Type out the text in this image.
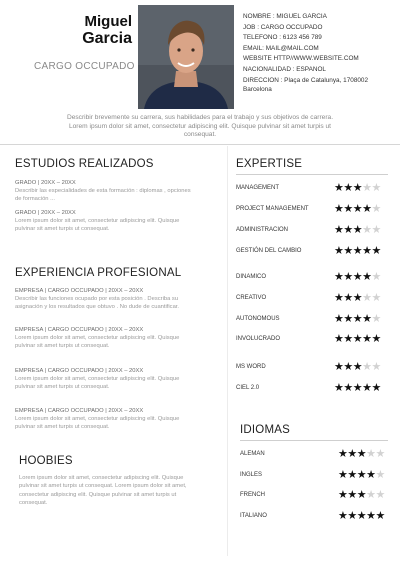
Miguel
Garcia
CARGO OCCUPADO
NOMBRE : MIGUEL GARCIA
JOB : CARGO OCCUPADO
TELEFONO : 6123 456 789
EMAIL: MAIL@MAIL.COM
WEBSITE HTTP//WWW.WEBSITE.COM
NACIONALIDAD : ESPANOL
DIRECCION : Plaça de Catalunya, 1708002
Barcelona
Describir brevemente su carrera, sus habilidades para el trabajo y sus objetivos de carrera.
Lorem ipsum dolor sit amet, consectetur adipiscing elit. Quisque pulvinar sit amet turpis ut
consequat.
ESTUDIOS REALIZADOS
GRADO | 20XX – 20XX
Describir las especialidades de esta formación : diplomas , opciones
de formación ...
GRADO | 20XX – 20XX
Lorem ipsum dolor sit amet, consectetur adipiscing elit. Quisque
pulvinar sit amet turpis ut consequat.
EXPERIENCIA PROFESIONAL
EMPRESA | CARGO OCCUPADO | 20XX – 20XX
Describir las funciones ocupado por esta posición . Describa su
asignación y los resultados que obtuvo . No dude de cuantificar.
EMPRESA | CARGO OCCUPADO | 20XX – 20XX
Lorem ipsum dolor sit amet, consectetur adipiscing elit. Quisque
pulvinar sit amet turpis ut consequat.
EMPRESA | CARGO OCCUPADO | 20XX – 20XX
Lorem ipsum dolor sit amet, consectetur adipiscing elit. Quisque
pulvinar sit amet turpis ut consequat.
EMPRESA | CARGO OCCUPADO | 20XX – 20XX
Lorem ipsum dolor sit amet, consectetur adipiscing elit. Quisque
pulvinar sit amet turpis ut consequat.
HOOBIES
Lorem ipsum dolor sit amet, consectetur adipiscing elit. Quisque
pulvinar sit amet turpis ut consequat. Lorem ipsum dolor sit amet,
consectetur adipiscing elit. Quisque pulvinar sit amet turpis ut
consequat.
EXPERTISE
MANAGEMENT	★★★★★
PROJECT MANAGEMENT ★★★★★
ADMINISTRACION	★★★★★
GESTIÓN DEL CAMBIO	★★★★★
DINAMICO	★★★★★
CREATIVO	★★★★★
AUTONOMOUS	★★★★★
INVOLUCRADO	★★★★★
MS WORD	★★★★★
CIEL 2.0	★★★★★
IDIOMAS
ALEMAN	★★★★★
INGLES	★★★★★
FRENCH	★★★★★
ITALIANO	★★★★★
